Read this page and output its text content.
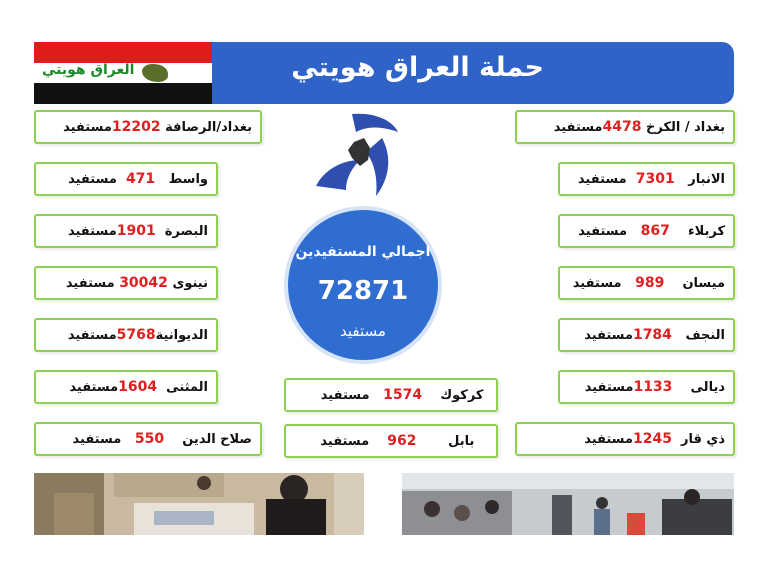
حملة العراق هويتي
العراق هويتي
بغداد/الرصافة 12202مستفيد
واسط   471  مستفيد
البصرة  1901مستفيد
نينوى 30042 مستفيد
الديوانية5768مستفيد
المثنى  1604مستفيد
صلاح الدين    550   مستفيد
بغداد / الكرخ 4478مستفيد
الانبار   7301  مستفيد
كربلاء    867   مستفيد
ميسان    989   مستفيد
النجف   1784مستفيد
ديالى    1133مستفيد
ذي قار  1245مستفيد
كركوك    1574   مستفيد
بابل       962    مستفيد
اجمالي المستفيدين
72871
مستفيد
